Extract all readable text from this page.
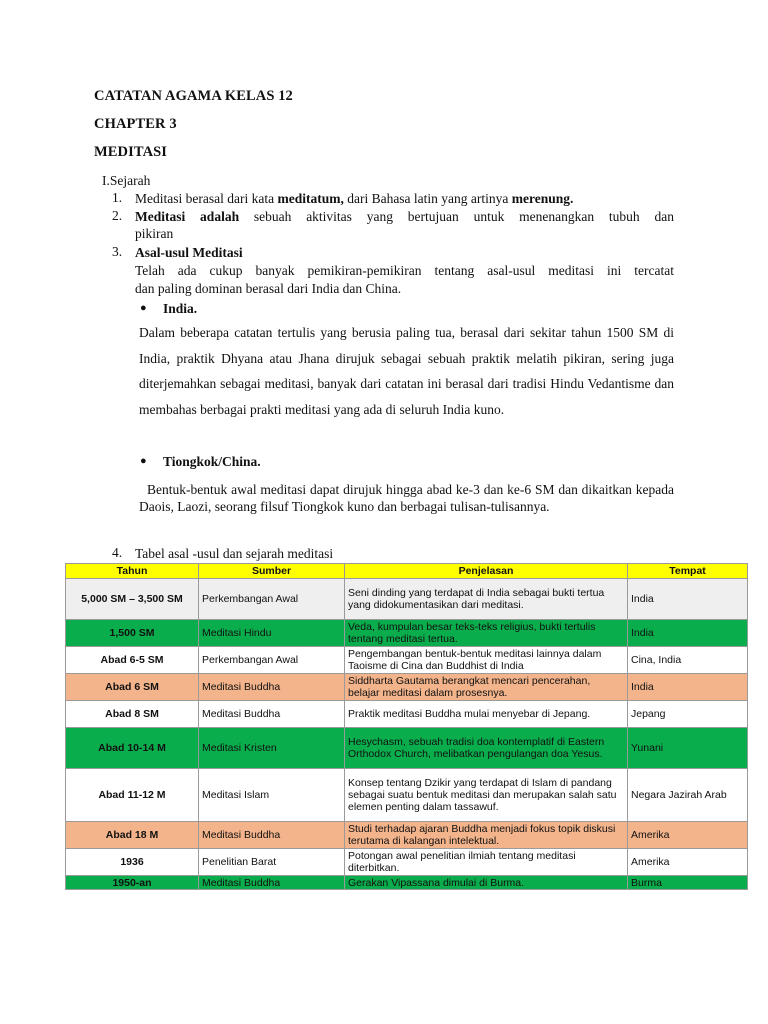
CATATAN AGAMA KELAS 12
CHAPTER 3
MEDITASI
I.Sejarah
1. Meditasi berasal dari kata meditatum, dari Bahasa latin yang artinya merenung.
2. Meditasi adalah sebuah aktivitas yang bertujuan untuk menenangkan tubuh dan
pikiran
3. Asal-usul Meditasi
Telah ada cukup banyak pemikiran-pemikiran tentang asal-usul meditasi ini tercatat
dan paling dominan berasal dari India dan China.
● India.
Dalam beberapa catatan tertulis yang berusia paling tua, berasal dari sekitar tahun 1500 SM di India, praktik Dhyana atau Jhana dirujuk sebagai sebuah praktik melatih pikiran, sering juga diterjemahkan sebagai meditasi, banyak dari catatan ini berasal dari tradisi Hindu Vedantisme dan membahas berbagai prakti meditasi yang ada di seluruh India kuno.
● Tiongkok/China.
Bentuk-bentuk awal meditasi dapat dirujuk hingga abad ke-3 dan ke-6 SM dan dikaitkan kepada Daois, Laozi, seorang filsuf Tiongkok kuno dan berbagai tulisan-tulisannya.
4. Tabel asal -usul dan sejarah meditasi
Tahun	Sumber	Penjelasan	Tempat
5,000 SM – 3,500 SM	Perkembangan Awal	Seni dinding yang terdapat di India sebagai bukti tertua yang didokumentasikan dari meditasi.	India
1,500 SM	Meditasi Hindu	Veda, kumpulan besar teks-teks religius, bukti tertulis tentang meditasi tertua.	India
Abad 6-5 SM	Perkembangan Awal	Pengembangan bentuk-bentuk meditasi lainnya dalam Taoisme di Cina dan Buddhist di India	Cina, India
Abad 6 SM	Meditasi Buddha	Siddharta Gautama berangkat mencari pencerahan, belajar meditasi dalam prosesnya.	India
Abad 8 SM	Meditasi Buddha	Praktik meditasi Buddha mulai menyebar di Jepang.	Jepang
Abad 10-14 M	Meditasi Kristen	Hesychasm, sebuah tradisi doa kontemplatif di Eastern Orthodox Church, melibatkan pengulangan doa Yesus.	Yunani
Abad 11-12 M	Meditasi Islam	Konsep tentang Dzikir yang terdapat di Islam di pandang sebagai suatu bentuk meditasi dan merupakan salah satu elemen penting dalam tassawuf.	Negara Jazirah Arab
Abad 18 M	Meditasi Buddha	Studi terhadap ajaran Buddha menjadi fokus topik diskusi terutama di kalangan intelektual.	Amerika
1936	Penelitian Barat	Potongan awal penelitian ilmiah tentang meditasi diterbitkan.	Amerika
1950-an	Meditasi Buddha	Gerakan Vipassana dimulai di Burma.	Burma
